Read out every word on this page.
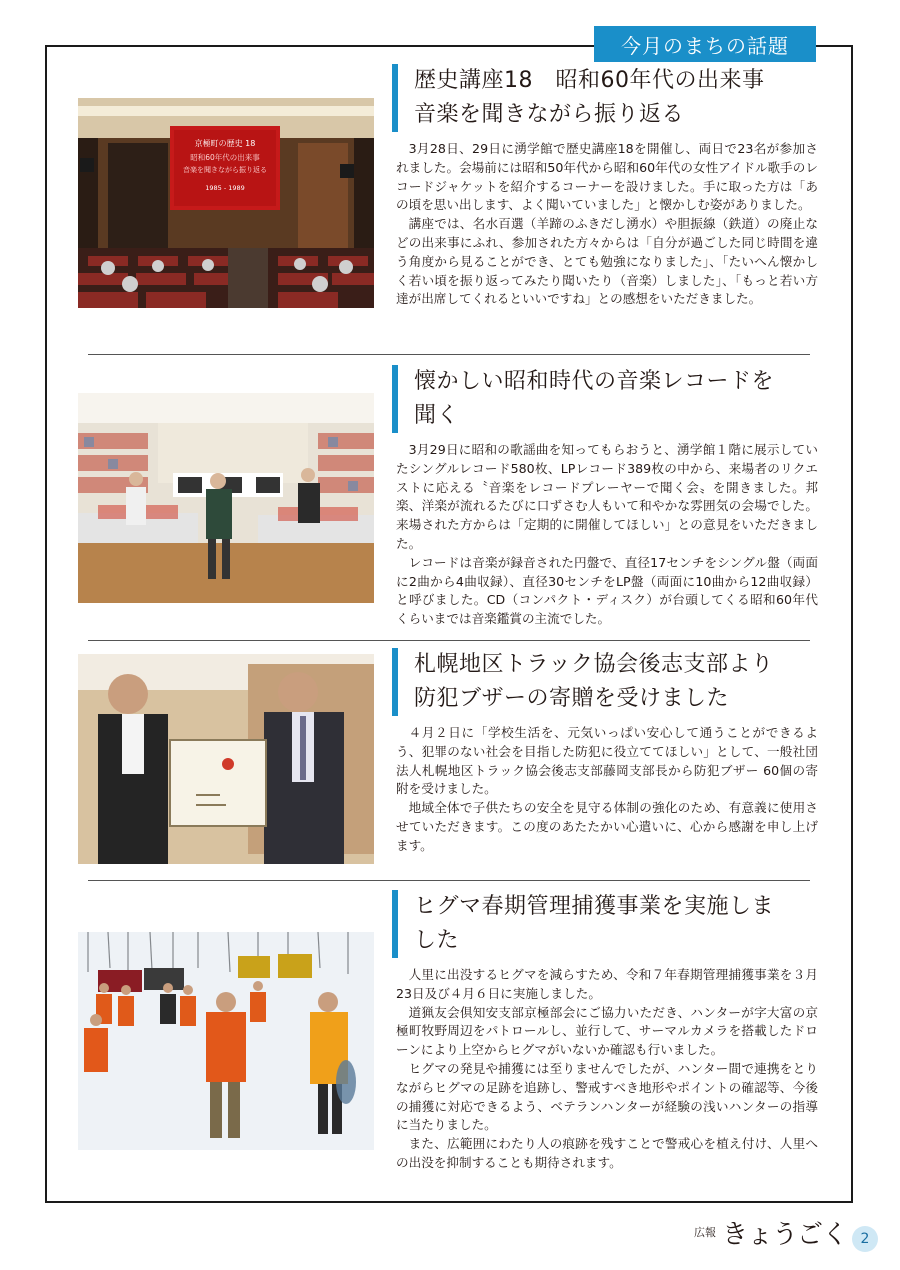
今月のまちの話題
京極町の歴史 18
昭和60年代の出来事
音楽を聞きながら振り返る
1985 - 1989
歴史講座18　昭和60年代の出来事
音楽を聞きながら振り返る

3月28日、29日に湧学館で歴史講座18を開催し、両日で23名が参加されました。会場前には昭和50年代から昭和60年代の女性アイドル歌手のレコードジャケットを紹介するコーナーを設けました。手に取った方は「あの頃を思い出します、よく聞いていました」と懐かしむ姿がありました。

講座では、名水百選（羊蹄のふきだし湧水）や胆振線（鉄道）の廃止などの出来事にふれ、参加された方々からは「自分が過ごした同じ時間を違う角度から見ることができ、とても勉強になりました」、「たいへん懐かしく若い頃を振り返ってみたり聞いたり（音楽）しました」、「もっと若い方達が出席してくれるといいですね」との感想をいただきました。

懐かしい昭和時代の音楽レコードを
聞く

3月29日に昭和の歌謡曲を知ってもらおうと、湧学館１階に展示していたシングルレコード580枚、LPレコード389枚の中から、来場者のリクエストに応える〝音楽をレコードプレーヤーで聞く会〟を開きました。邦楽、洋楽が流れるたびに口ずさむ人もいて和やかな雰囲気の会場でした。来場された方からは「定期的に開催してほしい」との意見をいただきました。

レコードは音楽が録音された円盤で、直径17センチをシングル盤（両面に2曲から4曲収録）、直径30センチをLP盤（両面に10曲から12曲収録）と呼びました。CD（コンパクト・ディスク）が台頭してくる昭和60年代くらいまでは音楽鑑賞の主流でした。

札幌地区トラック協会後志支部より
防犯ブザーの寄贈を受けました

４月２日に「学校生活を、元気いっぱい安心して通うことができるよう、犯罪のない社会を目指した防犯に役立ててほしい」として、一般社団法人札幌地区トラック協会後志支部藤岡支部長から防犯ブザー 60個の寄附を受けました。

地域全体で子供たちの安全を見守る体制の強化のため、有意義に使用させていただきます。この度のあたたかい心遣いに、心から感謝を申し上げます。

ヒグマ春期管理捕獲事業を実施しま
した

人里に出没するヒグマを減らすため、令和７年春期管理捕獲事業を３月23日及び４月６日に実施しました。

道猟友会倶知安支部京極部会にご協力いただき、ハンターが字大富の京極町牧野周辺をパトロールし、並行して、サーマルカメラを搭載したドローンにより上空からヒグマがいないか確認も行いました。

ヒグマの発見や捕獲には至りませんでしたが、ハンター間で連携をとりながらヒグマの足跡を追跡し、警戒すべき地形やポイントの確認等、今後の捕獲に対応できるよう、ベテランハンターが経験の浅いハンターの指導に当たりました。

また、広範囲にわたり人の痕跡を残すことで警戒心を植え付け、人里への出没を抑制することも期待されます。

広報 きょうごく 2
